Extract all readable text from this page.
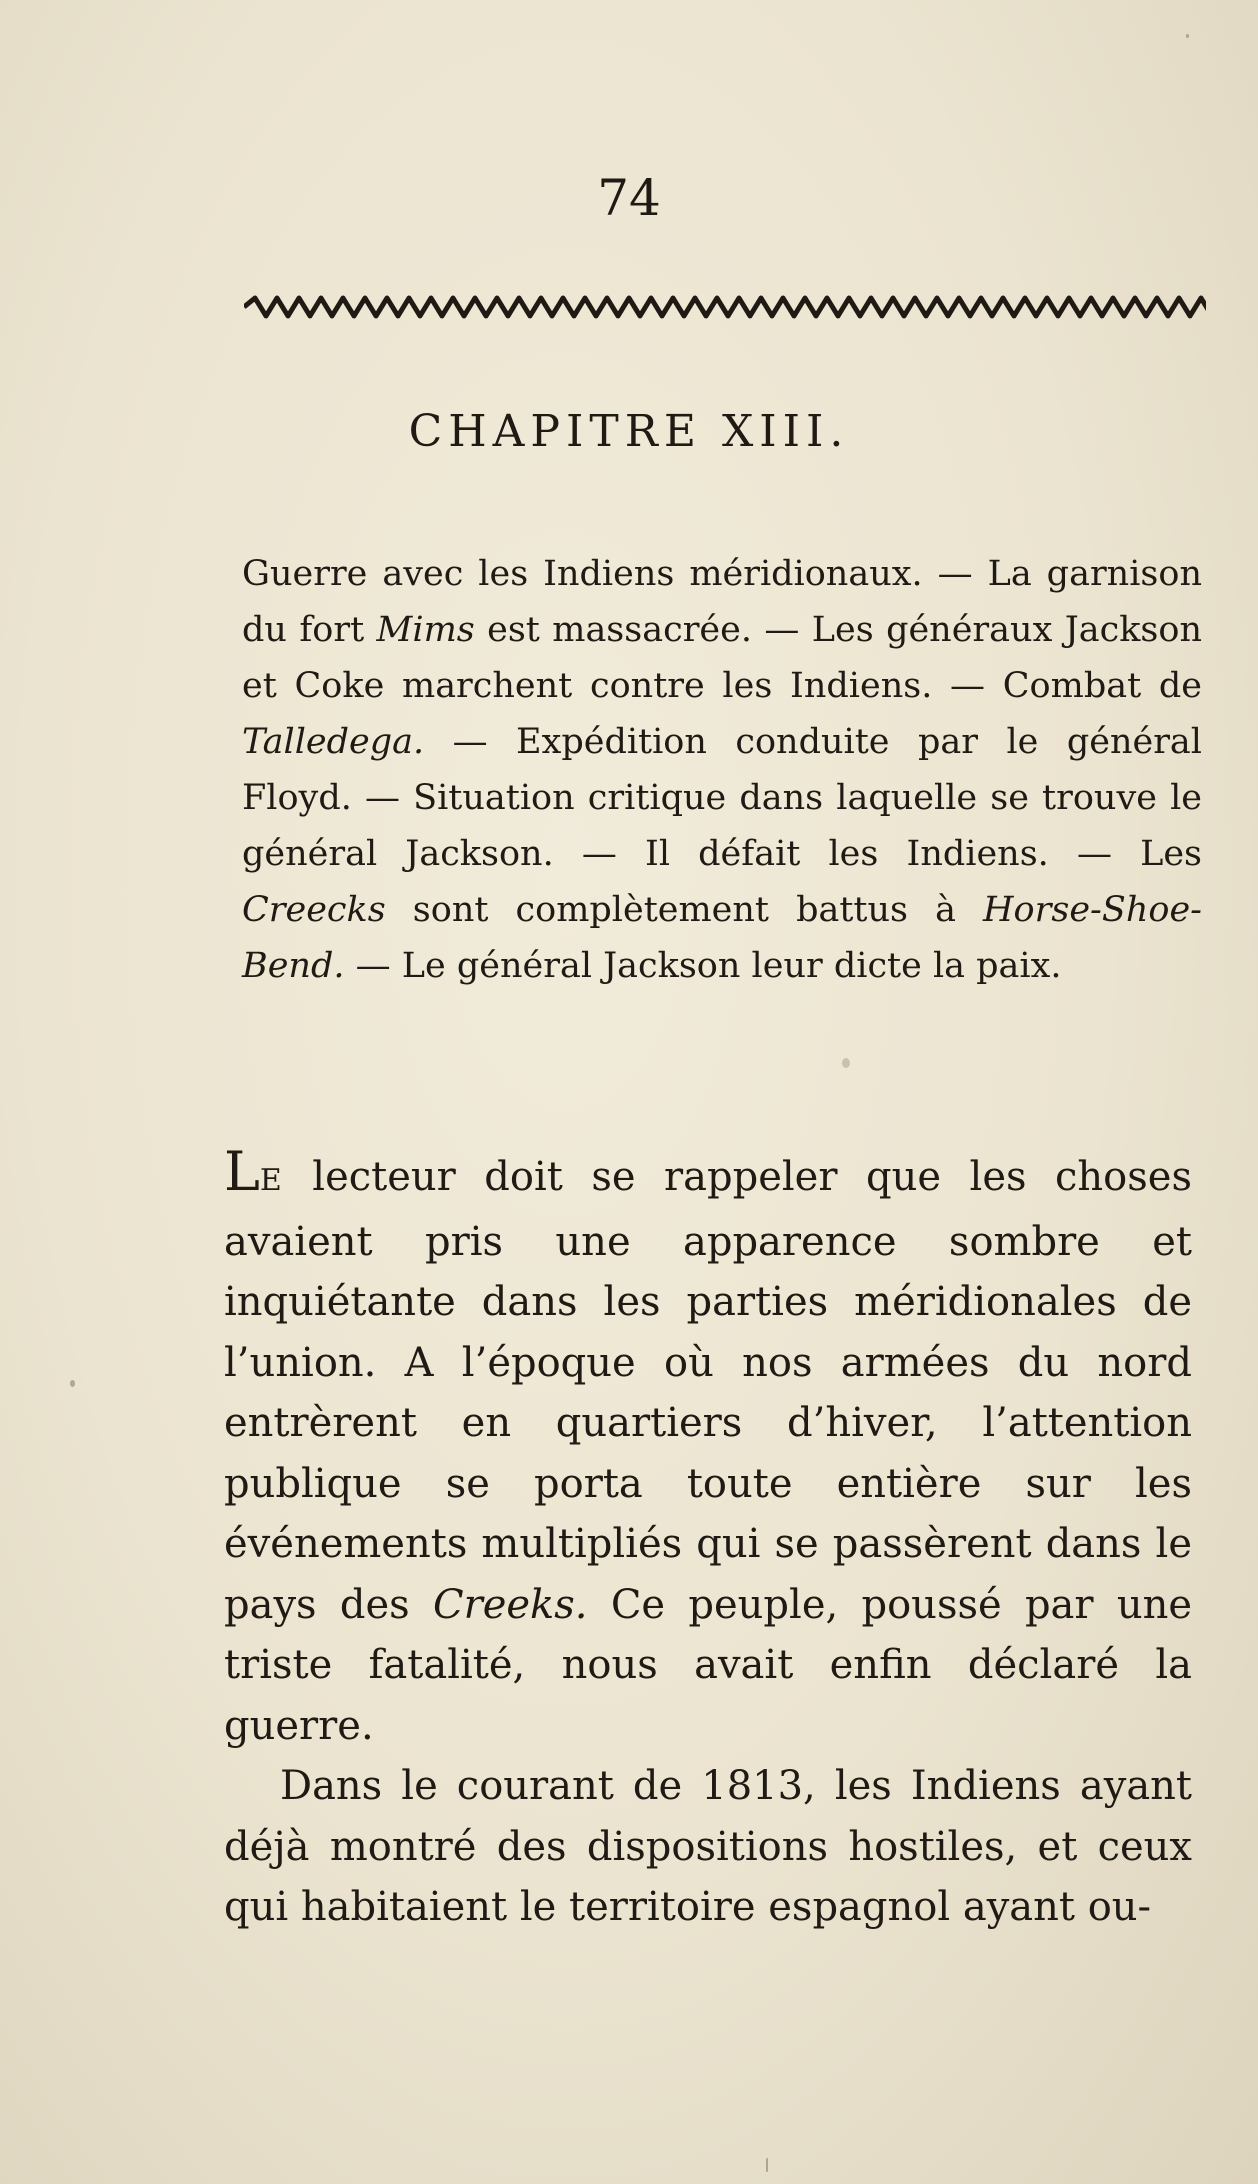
74
CHAPITRE XIII.

Guerre avec les Indiens méridionaux. — La garnison du fort Mims est massacrée. — Les généraux Jackson et Coke marchent contre les Indiens. — Combat de Talledega. — Expédition conduite par le général Floyd. — Situation critique dans laquelle se trouve le général Jackson. — Il défait les Indiens. — Les Creecks sont complètement battus à Horse-Shoe-Bend. — Le général Jackson leur dicte la paix.

LE lecteur doit se rappeler que les choses avaient pris une apparence sombre et inquiétante dans les parties méridionales de l’union. A l’époque où nos armées du nord entrèrent en quartiers d’hiver, l’attention publique se porta toute entière sur les événements multipliés qui se passèrent dans le pays des Creeks. Ce peuple, poussé par une triste fatalité, nous avait enfin déclaré la guerre.

Dans le courant de 1813, les Indiens ayant déjà montré des dispositions hostiles, et ceux qui habitaient le territoire espagnol ayant ou-
